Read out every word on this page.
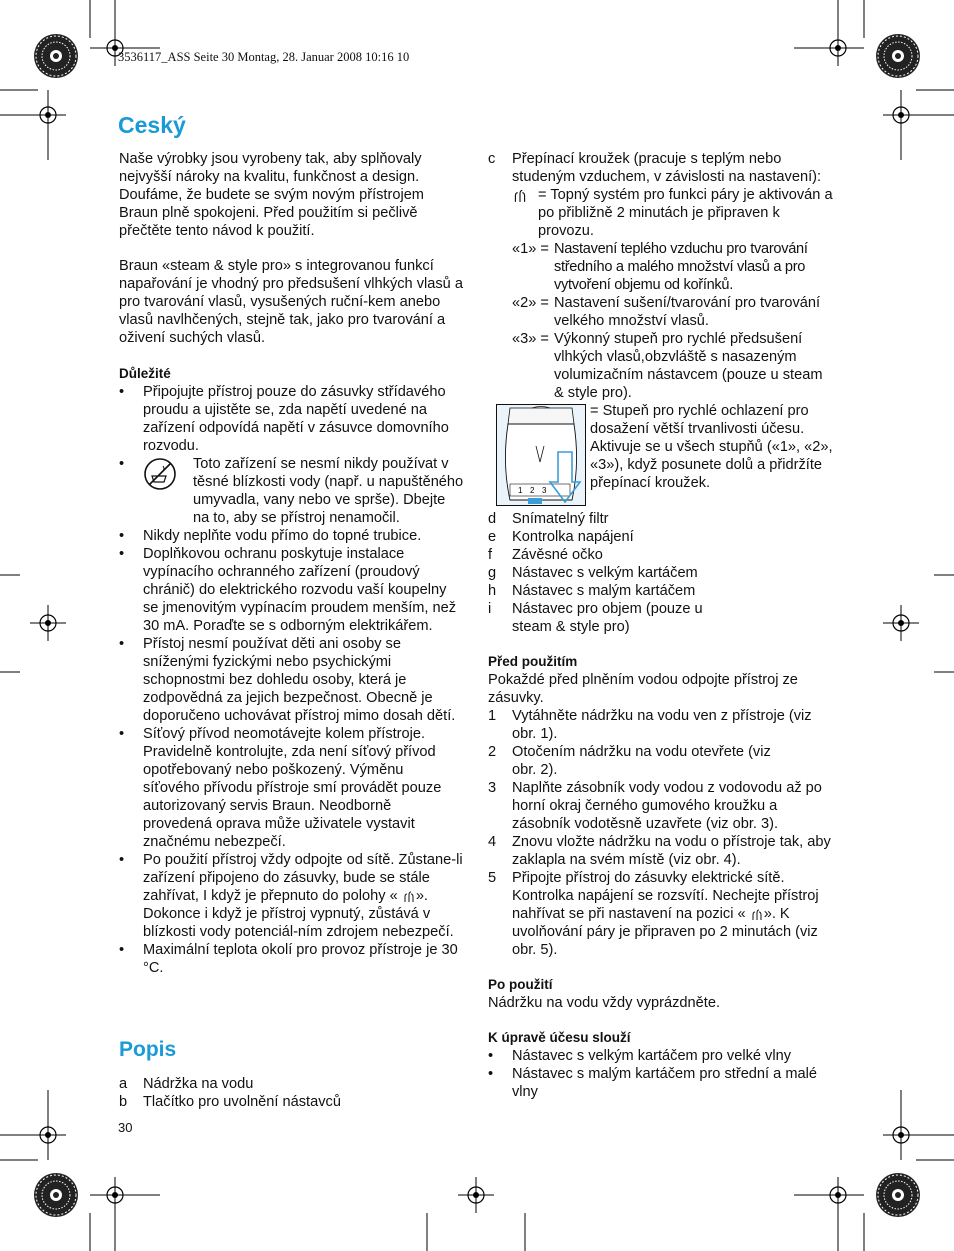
3536117_ASS Seite 30 Montag, 28. Januar 2008 10:16 10
Ceský

Naše výrobky jsou vyrobeny tak, aby splňovaly nejvyšší nároky na kvalitu, funkčnost a design. Doufáme, že budete se svým novým přístrojem Braun plně spokojeni. Před použitím si pečlivě přečtěte tento návod k použití.

Braun «steam & style pro» s integrovanou funkcí napařování je vhodný pro předsušení vlhkých vlasů a pro tvarování vlasů, vysušených ruční-kem anebo vlasů navlhčených, stejně tak, jako pro tvarování a oživení suchých vlasů.

Důležité

•	Připojujte přístroj pouze do zásuvky střídavého proudu a ujistěte se, zda napětí uvedené na zařízení odpovídá napětí v zásuvce domovního rozvodu.
•	Toto zařízení se nesmí nikdy používat v těsné blízkosti vody (např. u napuštěného umyvadla, vany nebo ve sprše). Dbejte na to, aby se přístroj nenamočil.
•	Nikdy neplňte vodu přímo do topné trubice.
•	Doplňkovou ochranu poskytuje instalace vypínacího ochranného zařízení (proudový chránič) do elektrického rozvodu vaší koupelny se jmenovitým vypínacím proudem menším, než 30 mA. Poraďte se s odborným elektrikářem.
•	Přístoj nesmí používat děti ani osoby se sníženými fyzickými nebo psychickými schopnostmi bez dohledu osoby, která je zodpovědná za jejich bezpečnost. Obecně je doporučeno uchovávat přístroj mimo dosah dětí.
•	Síťový přívod neomotávejte kolem přístroje. Pravidelně kontrolujte, zda není síťový přívod opotřebovaný nebo poškozený. Výměnu síťového přívodu přístroje smí provádět pouze autorizovaný servis Braun. Neodborně provedená oprava může uživatele vystavit značnému nebezpečí.
•	Po použití přístroj vždy odpojte od sítě. Zůstane-li zařízení připojeno do zásuvky, bude se stále zahřívat, I když je přepnuto do polohy « ». Dokonce i když je přístroj vypnutý, zůstává v blízkosti vody potenciál-ním zdrojem nebezpečí.
•	Maximální teplota okolí pro provoz přístroje je 30 °C.
Popis
a	Nádržka na vodu
b	Tlačítko pro uvolnění nástavců
30
c	Přepínací kroužek (pracuje s teplým nebo studeným vzduchem, v závislosti na nastavení):
= Topný systém pro funkci páry je aktivován a po přibližně 2 minutách je připraven k provozu.
«1» = Nastavení teplého vzduchu pro tvarování středního a malého množství vlasů a pro vytvoření objemu od kořínků.
«2» = Nastavení sušení/tvarování pro tvarování velkého množství vlasů.
«3» = Výkonný stupeň pro rychlé předsušení vlhkých vlasů,obzvláště s nasazeným volumizačním nástavcem (pouze u steam & style pro).
1 2 3
= Stupeň pro rychlé ochlazení pro dosažení větší trvanlivosti účesu. Aktivuje se u všech stupňů («1», «2», «3»), když posunete dolů a přidržíte přepínací kroužek.
d	Snímatelný filtr
e	Kontrolka napájení
f	Závěsné očko
g	Nástavec s velkým kartáčem
h	Nástavec s malým kartáčem
i	Nástavec pro objem (pouze u steam & style pro)

Před použitím

Pokaždé před plněním vodou odpojte přístroj ze zásuvky.

1	Vytáhněte nádržku na vodu ven z přístroje (viz obr. 1).
2	Otočením nádržku na vodu otevřete (viz obr. 2).
3	Naplňte zásobník vody vodou z vodovodu až po horní okraj černého gumového kroužku a zásobník vodotěsně uzavřete (viz obr. 3).
4	Znovu vložte nádržku na vodu o přístroje tak, aby zaklapla na svém místě (viz obr. 4).
5	Připojte přístroj do zásuvky elektrické sítě. Kontrolka napájení se rozsvítí. Nechejte přístroj nahřívat se při nastavení na pozici « ». K uvolňování páry je připraven po 2 minutách (viz obr. 5).

Po použití

Nádržku na vodu vždy vyprázdněte.

K úpravě účesu slouží

•	Nástavec s velkým kartáčem pro velké vlny
•	Nástavec s malým kartáčem pro střední a malé vlny
